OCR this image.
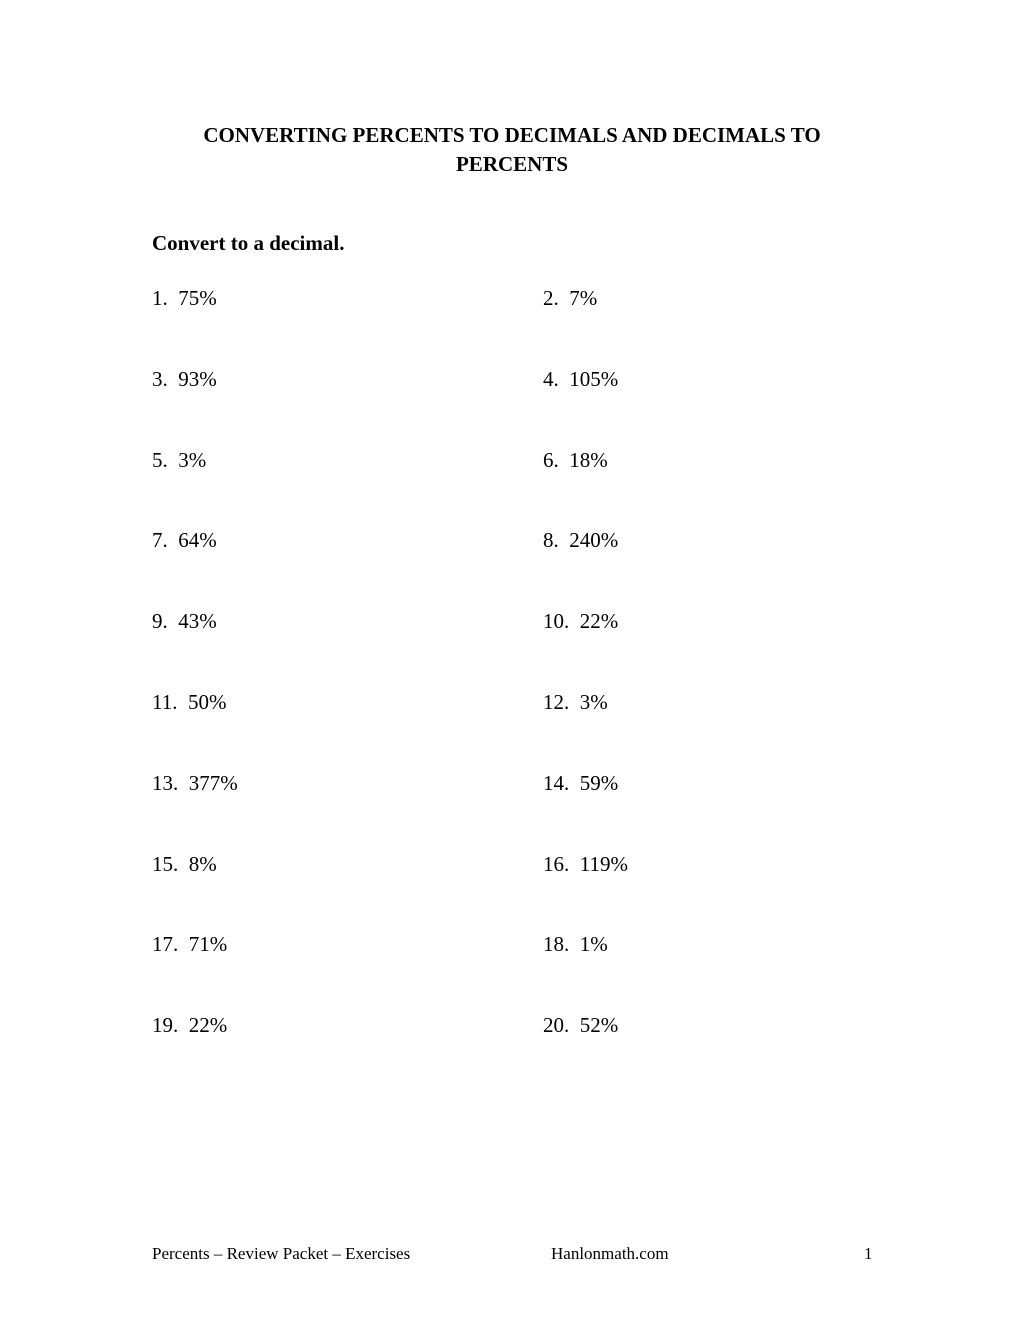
CONVERTING PERCENTS TO DECIMALS AND DECIMALS TO
PERCENTS
Convert to a decimal.
1. 75%	2. 7%
3. 93%	4. 105%
5. 3%	6. 18%
7. 64%	8. 240%
9. 43%	10. 22%
11. 50%	12. 3%
13. 377%	14. 59%
15. 8%	16. 119%
17. 71%	18. 1%
19. 22%	20. 52%
Percents – Review Packet – Exercises	Hanlonmath.com	1
